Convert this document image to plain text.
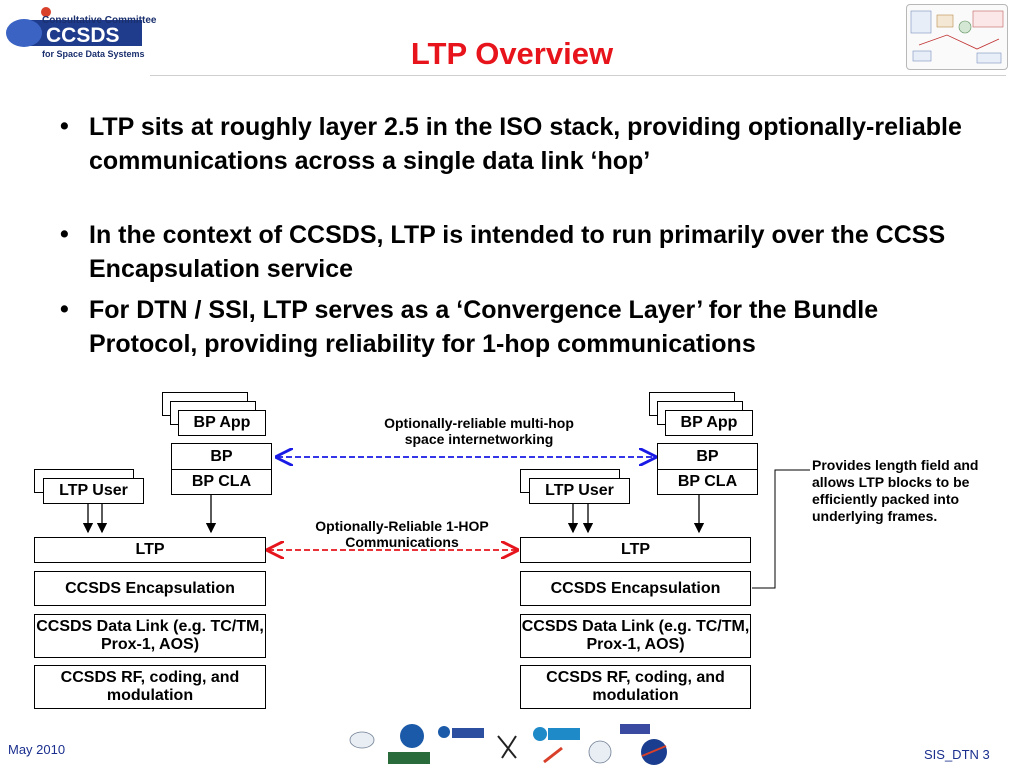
CCSDS
Consultative Committee
for Space Data Systems	LTP Overview
• LTP sits at roughly layer 2.5 in the ISO stack, providing optionally-reliable communications across a single data link ‘hop’
• In the context of CCSDS, LTP is intended to run primarily over the CCSS Encapsulation service
• For DTN / SSI, LTP serves as a ‘Convergence Layer’ for the Bundle Protocol, providing reliability for 1-hop communications
BP App
BP
BP CLA
LTP User
LTP
CCSDS Encapsulation
CCSDS Data Link (e.g. TC/TM, Prox-1, AOS)
CCSDS RF, coding, and modulation
BP App
BP
BP CLA
LTP User
LTP
CCSDS Encapsulation
CCSDS Data Link (e.g. TC/TM, Prox-1, AOS)
CCSDS RF, coding, and modulation
Optionally-reliable multi-hop space internetworking
Optionally-Reliable 1-HOP Communications
Provides length field and allows LTP blocks to be efficiently packed into underlying frames.
May 2010	SIS_DTN 3
